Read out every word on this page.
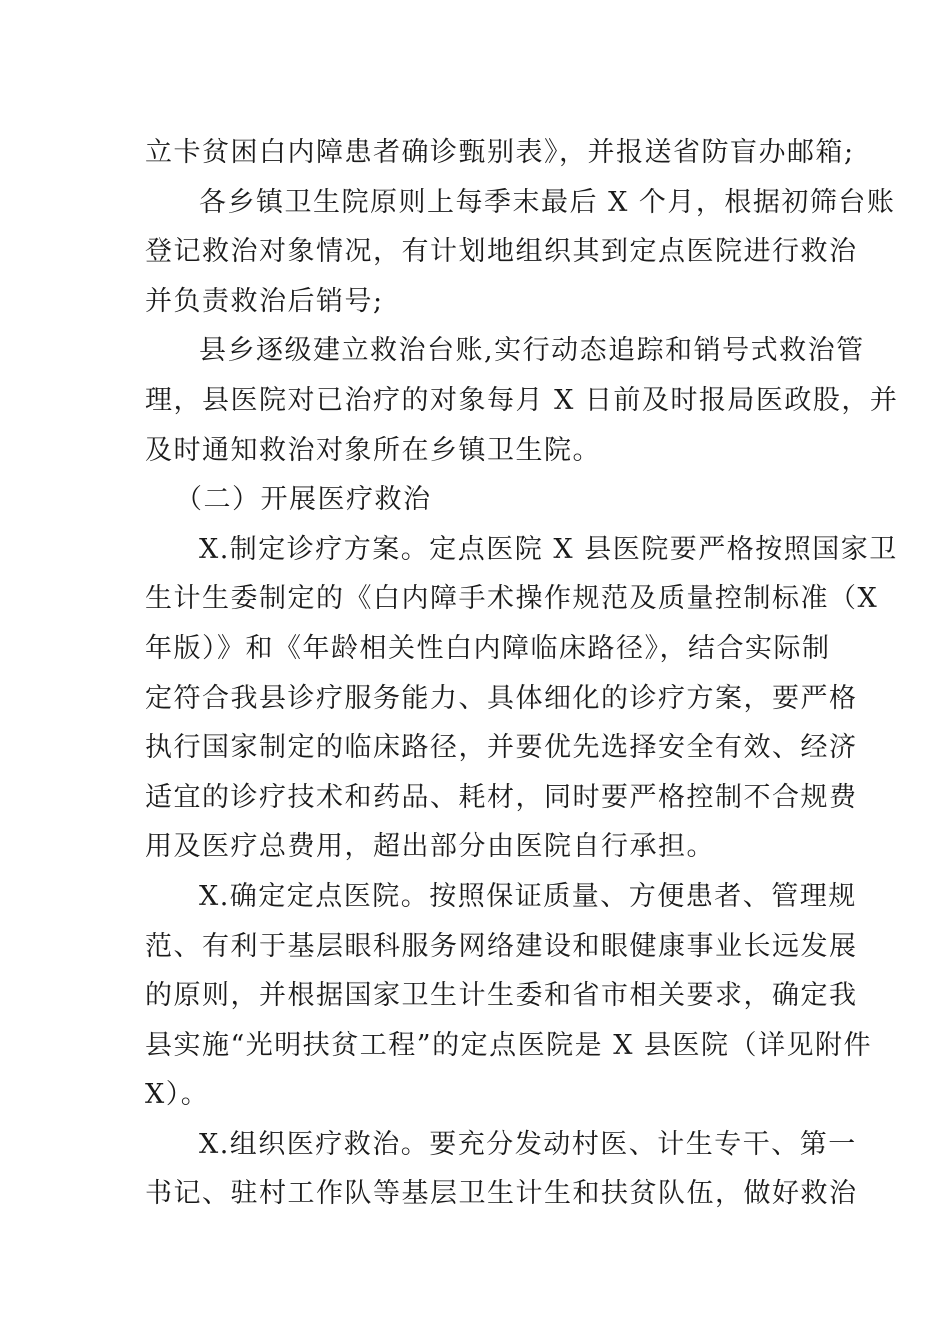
立卡贫困白内障患者确诊甄别表》，并报送省防盲办邮箱;
各乡镇卫生院原则上每季末最后 X 个月，根据初筛台账
登记救治对象情况，有计划地组织其到定点医院进行救治
并负责救治后销号;
县乡逐级建立救治台账,实行动态追踪和销号式救治管
理，县医院对已治疗的对象每月 X 日前及时报局医政股，并
及时通知救治对象所在乡镇卫生院。
（二）开展医疗救治
X.制定诊疗方案。定点医院 X 县医院要严格按照国家卫
生计生委制定的《白内障手术操作规范及质量控制标准（X
年版）》和《年龄相关性白内障临床路径》，结合实际制
定符合我县诊疗服务能力、具体细化的诊疗方案，要严格
执行国家制定的临床路径，并要优先选择安全有效、经济
适宜的诊疗技术和药品、耗材，同时要严格控制不合规费
用及医疗总费用，超出部分由医院自行承担。
X.确定定点医院。按照保证质量、方便患者、管理规
范、有利于基层眼科服务网络建设和眼健康事业长远发展
的原则，并根据国家卫生计生委和省市相关要求，确定我
县实施“光明扶贫工程”的定点医院是 X 县医院（详见附件
X）。
X.组织医疗救治。要充分发动村医、计生专干、第一
书记、驻村工作队等基层卫生计生和扶贫队伍，做好救治
